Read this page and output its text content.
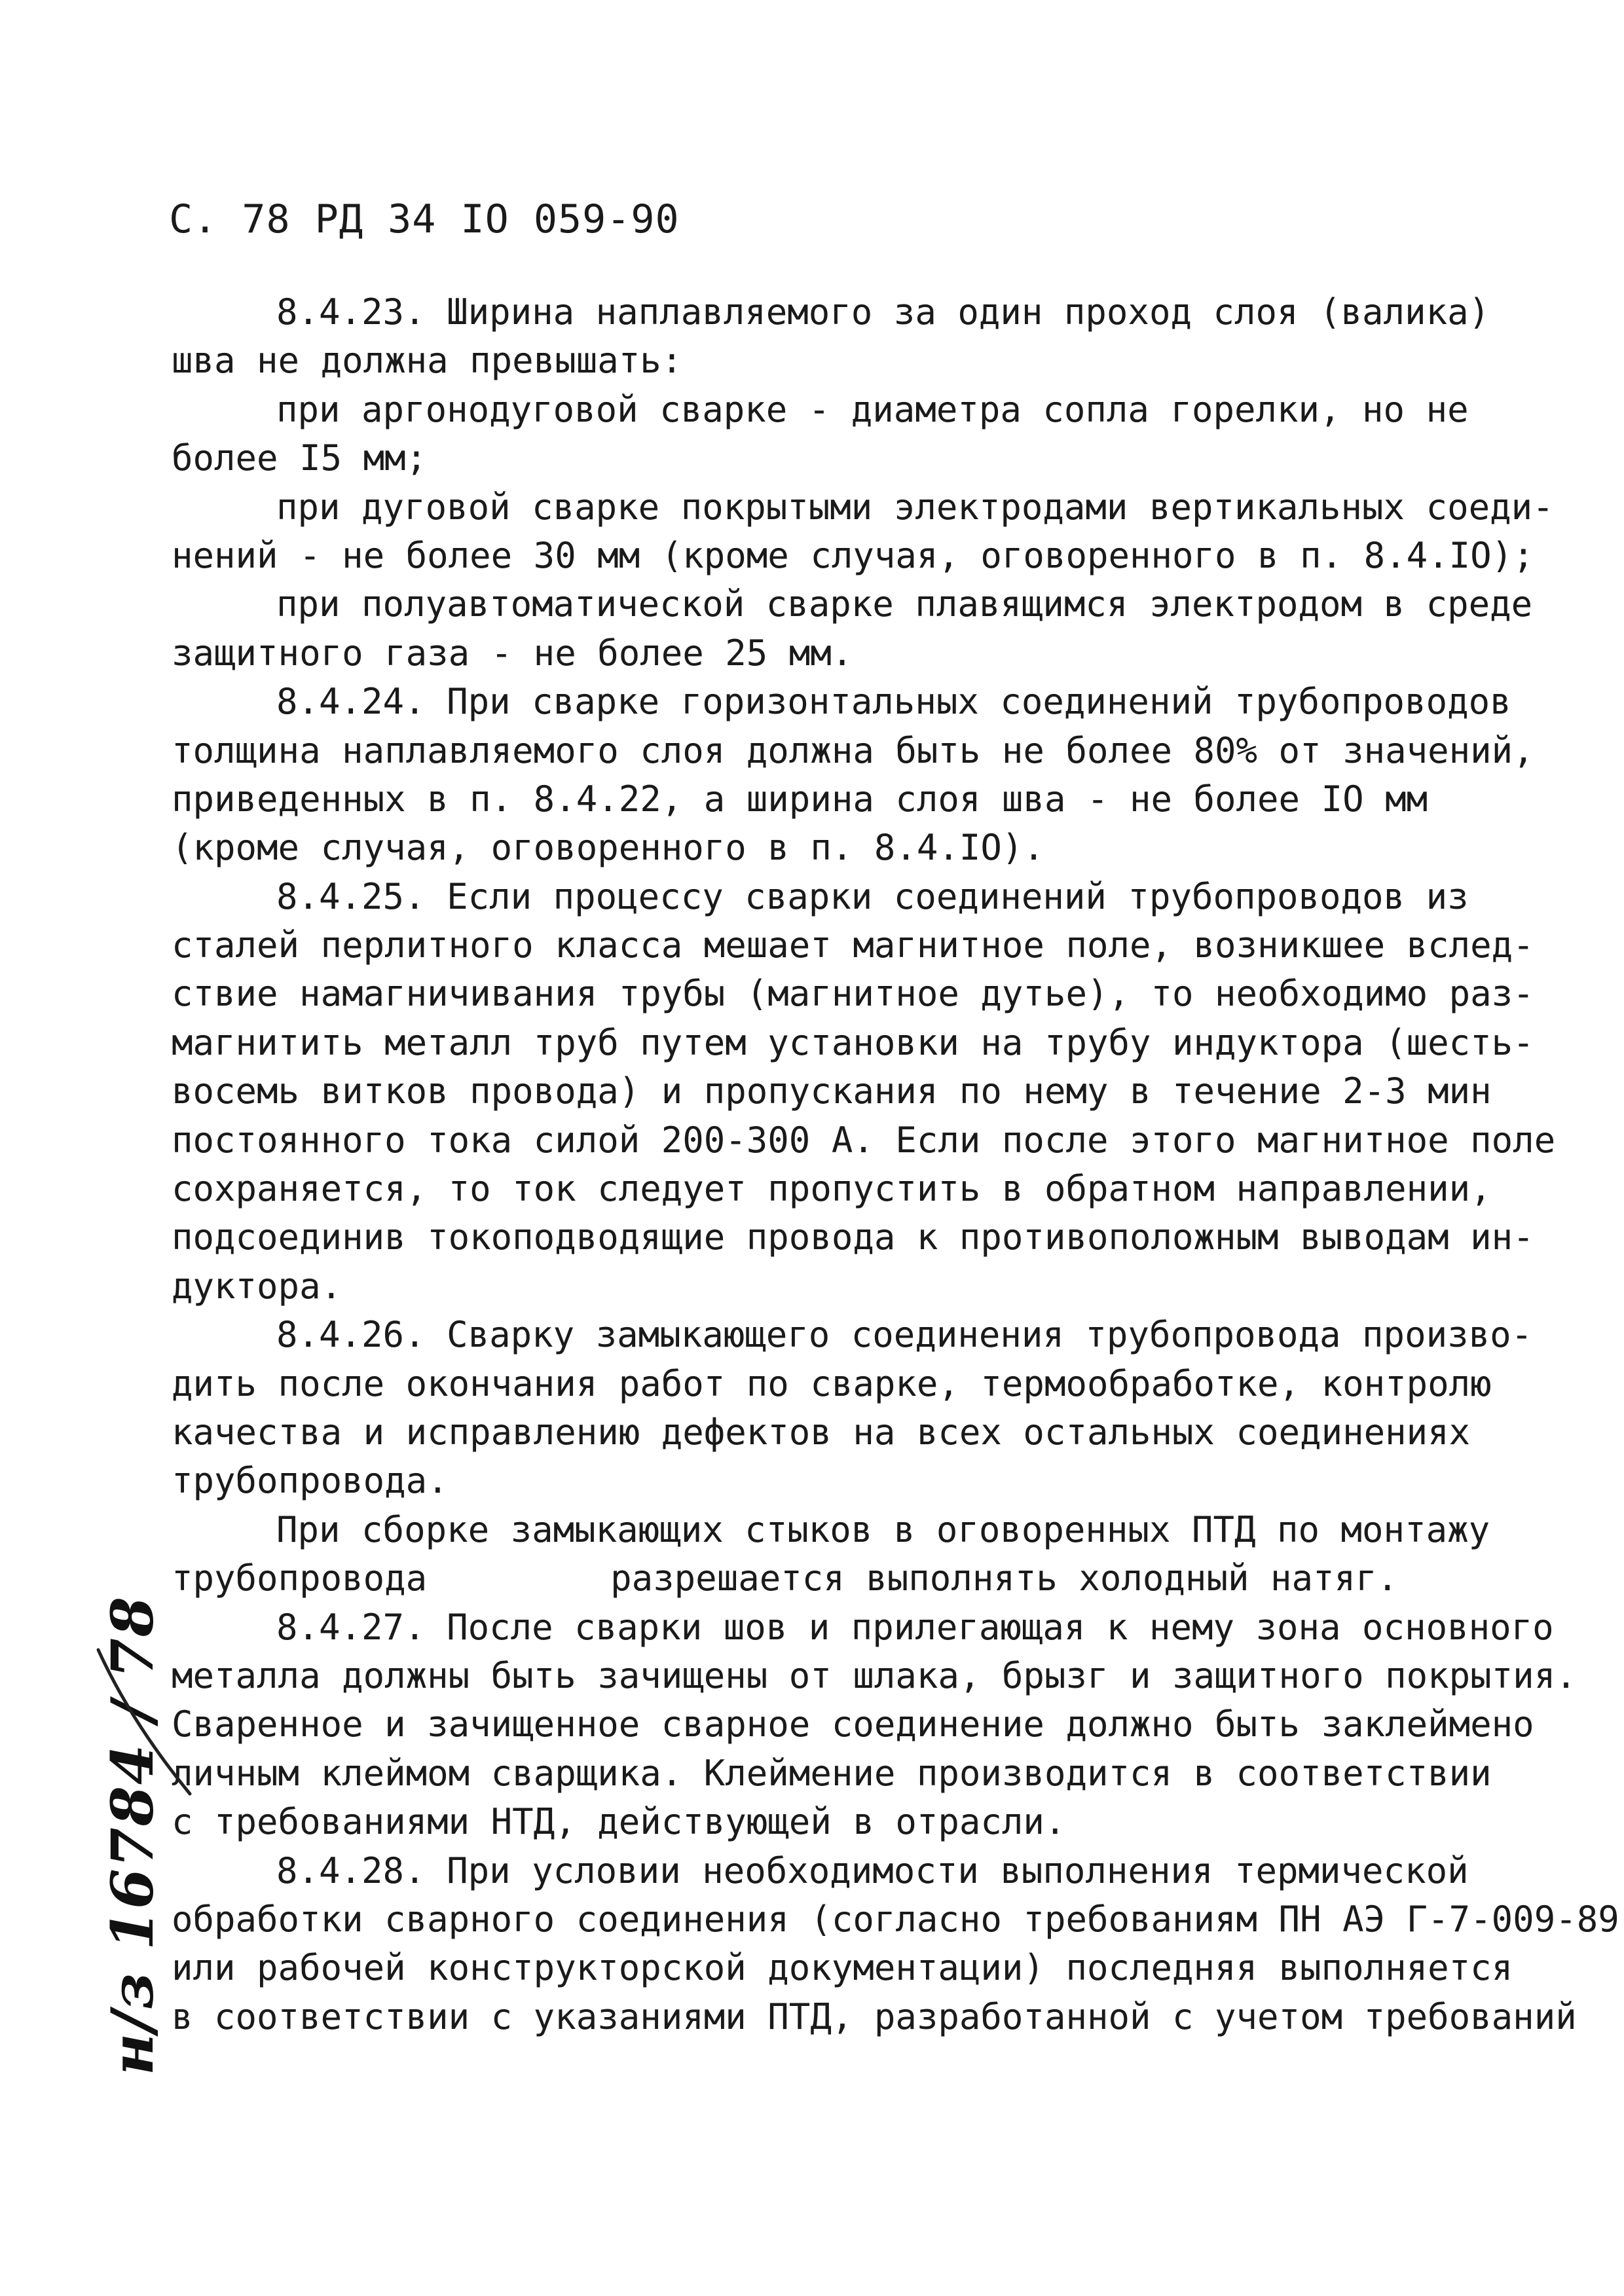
С. 78 РД 34 IO 059-90
8.4.23. Ширина наплавляемого за один проход слоя (валика)
шва не должна превышать:
при аргонодуговой сварке - диаметра сопла горелки, но не
более I5 мм;
при дуговой сварке покрытыми электродами вертикальных соеди-
нений - не более 30 мм (кроме случая, оговоренного в п. 8.4.IO);
при полуавтоматической сварке плавящимся электродом в среде
защитного газа - не более 25 мм.
8.4.24. При сварке горизонтальных соединений трубопроводов
толщина наплавляемого слоя должна быть не более 80% от значений,
приведенных в п. 8.4.22, а ширина слоя шва - не более IO мм
(кроме случая, оговоренного в п. 8.4.IO).
8.4.25. Если процессу сварки соединений трубопроводов из
сталей перлитного класса мешает магнитное поле, возникшее вслед-
ствие намагничивания трубы (магнитное дутье), то необходимо раз-
магнитить металл труб путем установки на трубу индуктора (шесть-
восемь витков провода) и пропускания по нему в течение 2-3 мин
постоянного тока силой 200-300 А. Если после этого магнитное поле
сохраняется, то ток следует пропустить в обратном направлении,
подсоединив токоподводящие провода к противоположным выводам ин-
дуктора.
8.4.26. Сварку замыкающего соединения трубопровода произво-
дить после окончания работ по сварке, термообработке, контролю
качества и исправлению дефектов на всех остальных соединениях
трубопровода.
При сборке замыкающих стыков в оговоренных ПТД по монтажу
трубопровода	разрешается выполнять холодный натяг.
8.4.27. После сварки шов и прилегающая к нему зона основного
металла должны быть зачищены от шлака, брызг и защитного покрытия.
Сваренное и зачищенное сварное соединение должно быть заклеймено
личным клеймом сварщика. Клеймение производится в соответствии
с требованиями НТД, действующей в отрасли.
8.4.28. При условии необходимости выполнения термической
обработки сварного соединения (согласно требованиям ПН АЭ Г-7-009-89
или рабочей конструкторской документации) последняя выполняется
в соответствии с указаниями ПТД, разработанной с учетом требований
н/з 16784 / 78
